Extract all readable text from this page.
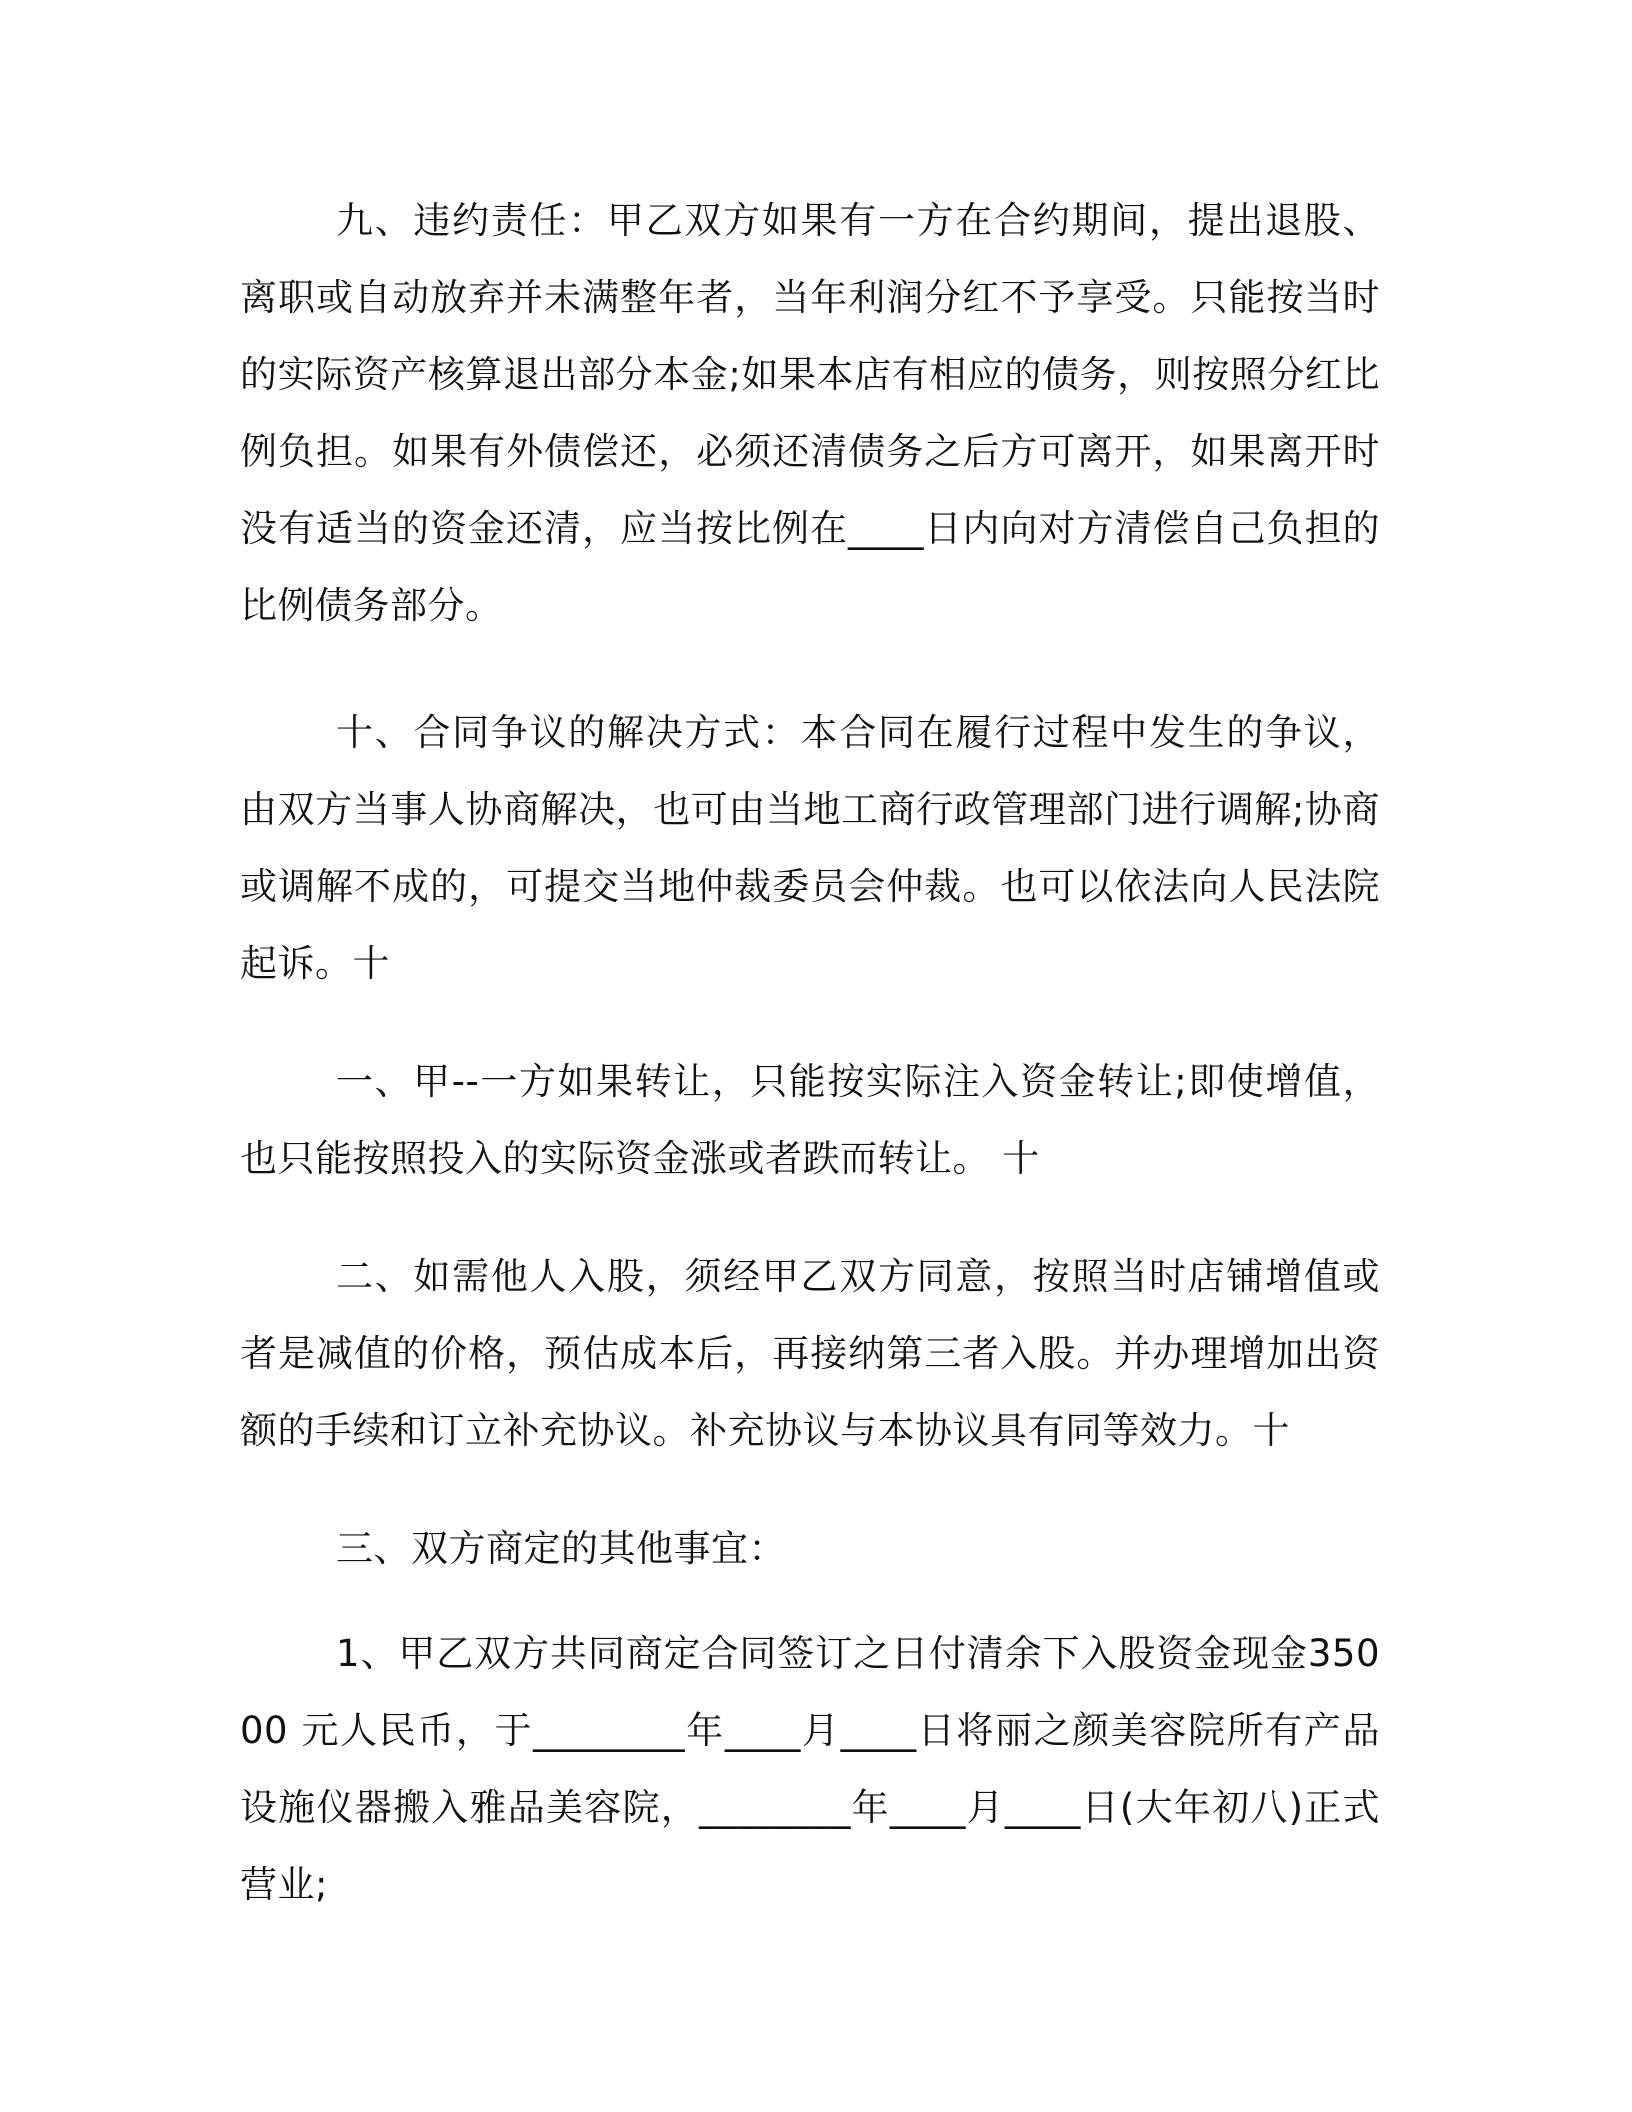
九、违约责任：甲乙双方如果有一方在合约期间，提出退股、离职或自动放弃并未满整年者，当年利润分红不予享受。只能按当时的实际资产核算退出部分本金;如果本店有相应的债务，则按照分红比例负担。如果有外债偿还，必须还清债务之后方可离开，如果离开时没有适当的资金还清，应当按比例在____日内向对方清偿自己负担的比例债务部分。

十、合同争议的解决方式：本合同在履行过程中发生的争议，由双方当事人协商解决，也可由当地工商行政管理部门进行调解;协商或调解不成的，可提交当地仲裁委员会仲裁。也可以依法向人民法院起诉。十

一、甲--一方如果转让，只能按实际注入资金转让;即使增值，也只能按照投入的实际资金涨或者跌而转让。 十

二、如需他人入股，须经甲乙双方同意，按照当时店铺增值或者是减值的价格，预估成本后，再接纳第三者入股。并办理增加出资额的手续和订立补充协议。补充协议与本协议具有同等效力。十

三、双方商定的其他事宜：

1、甲乙双方共同商定合同签订之日付清余下入股资金现金35000 元人民币，于________年____月____日将丽之颜美容院所有产品设施仪器搬入雅品美容院，________年____月____日(大年初八)正式营业;
